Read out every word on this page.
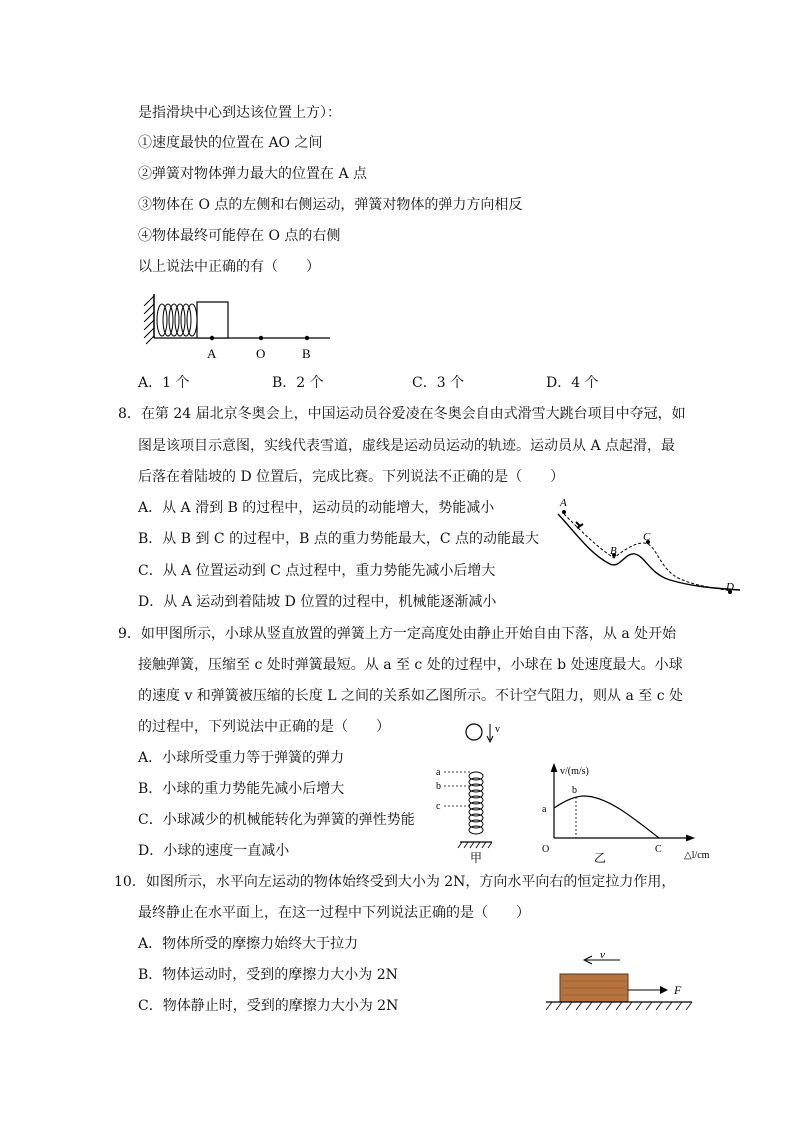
是指滑块中心到达该位置上方）：
①速度最快的位置在 AO 之间
②弹簧对物体弹力最大的位置在 A 点
③物体在 O 点的左侧和右侧运动，弹簧对物体的弹力方向相反
④物体最终可能停在 O 点的右侧
以上说法中正确的有（　　）
A	O	B
A．1 个	B．2 个	C．3 个	D．4 个
8．在第 24 届北京冬奥会上，中国运动员谷爱凌在冬奥会自由式滑雪大跳台项目中夺冠，如
图是该项目示意图，实线代表雪道，虚线是运动员运动的轨迹。运动员从 A 点起滑，最
后落在着陆坡的 D 位置后，完成比赛。下列说法不正确的是（　　）
A．从 A 滑到 B 的过程中，运动员的动能增大，势能减小
B．从 B 到 C 的过程中，B 点的重力势能最大，C 点的动能最大
C．从 A 位置运动到 C 点过程中，重力势能先减小后增大
D．从 A 运动到着陆坡 D 位置的过程中，机械能逐渐减小
A
B
C
D
9．如甲图所示，小球从竖直放置的弹簧上方一定高度处由静止开始自由下落，从 a 处开始
接触弹簧，压缩至 c 处时弹簧最短。从 a 至 c 处的过程中，小球在 b 处速度最大。小球
的速度 v 和弹簧被压缩的长度 L 之间的关系如乙图所示。不计空气阻力，则从 a 至 c 处
的过程中，下列说法中正确的是（　　）
A．小球所受重力等于弹簧的弹力
B．小球的重力势能先减小后增大
C．小球减少的机械能转化为弹簧的弹性势能
D．小球的速度一直减小
v
a
b
c
甲
v/(m/s)
△l/cm
O
a
b
C
乙
10．如图所示，水平向左运动的物体始终受到大小为 2N，方向水平向右的恒定拉力作用，
最终静止在水平面上，在这一过程中下列说法正确的是（　　）
A．物体所受的摩擦力始终大于拉力
B．物体运动时，受到的摩擦力大小为 2N
C．物体静止时，受到的摩擦力大小为 2N
v
F
